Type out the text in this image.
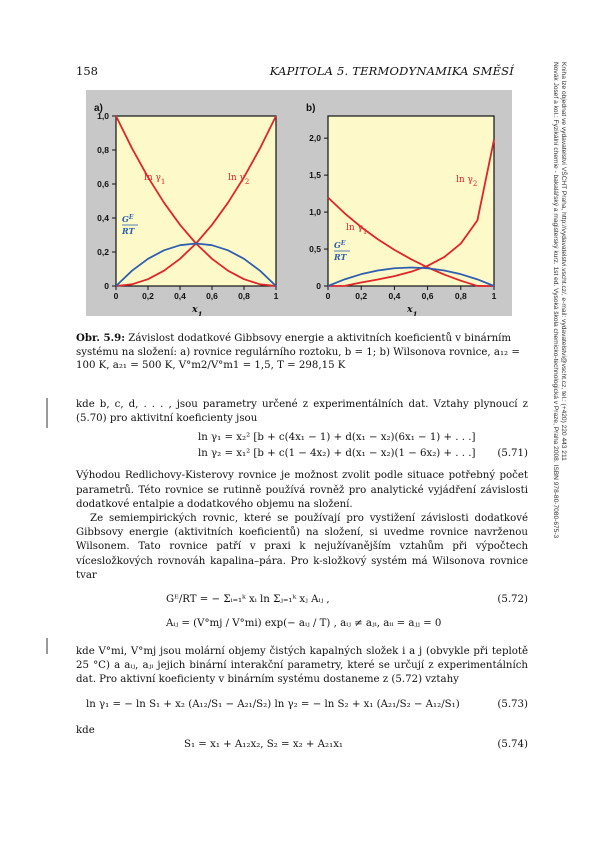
158	KAPITOLA 5. TERMODYNAMIKA SMĚSÍ	Novák Josef a kol.: Fyzikální chemie - bakalářský a magisterský kurz. 1st ed. Vysoká škola chemicko-technologická v Praze, Praha 2008. ISBN 978-80-7080-675-3 Kniha lze objednat ve vydavatelství VŠCHT Praha, http://vydavatelstvi.vscht.cz/, e-mail: vydavatelstvi@vscht.cz, tel.: (+420) 220 443 211
a)
0	0,2 0,4 0,6 0,8	1
0
0,2
0,4
0,6
0,8
1,0
$x_1$
$\ln \gamma_1$	$\ln \gamma_2$
$G^E$
RT
b)
0	0,2	0,4	0,6	0,8	1
0
0,5
1,0
1,5
2,0
$x_1$
$\ln \gamma_1$
$\ln \gamma_2$
$G^E$
RT
Obr. 5.9: Závislost dodatkové Gibbsovy energie a aktivitních koeficientů v binárním systému na složení: a) rovnice regulárního roztoku, b = 1; b) Wilsonova rovnice, a₁₂ = 100 K, a₂₁ = 500 K, V°m2/V°m1 = 1,5, T = 298,15 K

kde b, c, d, . . . , jsou parametry určené z experimentálních dat. Vztahy plynoucí z (5.70) pro aktivitní koeficienty jsou

ln γ₁ = x₂² [b + c(4x₁ − 1) + d(x₁ − x₂)(6x₁ − 1) + . . .]
ln γ₂ = x₁² [b + c(1 − 4x₂) + d(x₁ − x₂)(1 − 6x₂) + . . .]	(5.71)

Výhodou Redlichovy-Kisterovy rovnice je možnost zvolit podle situace potřebný počet parametrů. Této rovnice se rutinně používá rovněž pro analytické vyjádření závislosti dodatkové entalpie a dodatkového objemu na složení.

Ze semiempirických rovnic, které se používají pro vystižení závislosti dodatkové Gibbsovy energie (aktivitních koeficientů) na složení, si uvedme rovnice navrženou Wilsonem. Tato rovnice patří v praxi k nejužívanějším vztahům při výpočtech vícesložkových rovnováh kapalina–pára. Pro k-složkový systém má Wilsonova rovnice tvar

Gᴱ/RT = − Σᵢ₌₁ᵏ xᵢ ln Σⱼ₌₁ᵏ xⱼ Aᵢⱼ ,	(5.72)
Aᵢⱼ = (V°mj / V°mi) exp(− aᵢⱼ / T) , aᵢⱼ ≠ aⱼᵢ, aᵢᵢ = aⱼⱼ = 0

kde V°mi, V°mj jsou molární objemy čistých kapalných složek i a j (obvykle při teplotě 25 °C) a aᵢⱼ, aⱼᵢ jejich binární interakční parametry, které se určují z experimentálních dat. Pro aktivní koeficienty v binárním systému dostaneme z (5.72) vztahy

ln γ₁ = − ln S₁ + x₂ (A₁₂/S₁ − A₂₁/S₂) ln γ₂ = − ln S₂ + x₁ (A₂₁/S₂ − A₁₂/S₁)	(5.73)

kde

S₁ = x₁ + A₁₂x₂, S₂ = x₂ + A₂₁x₁	(5.74)
